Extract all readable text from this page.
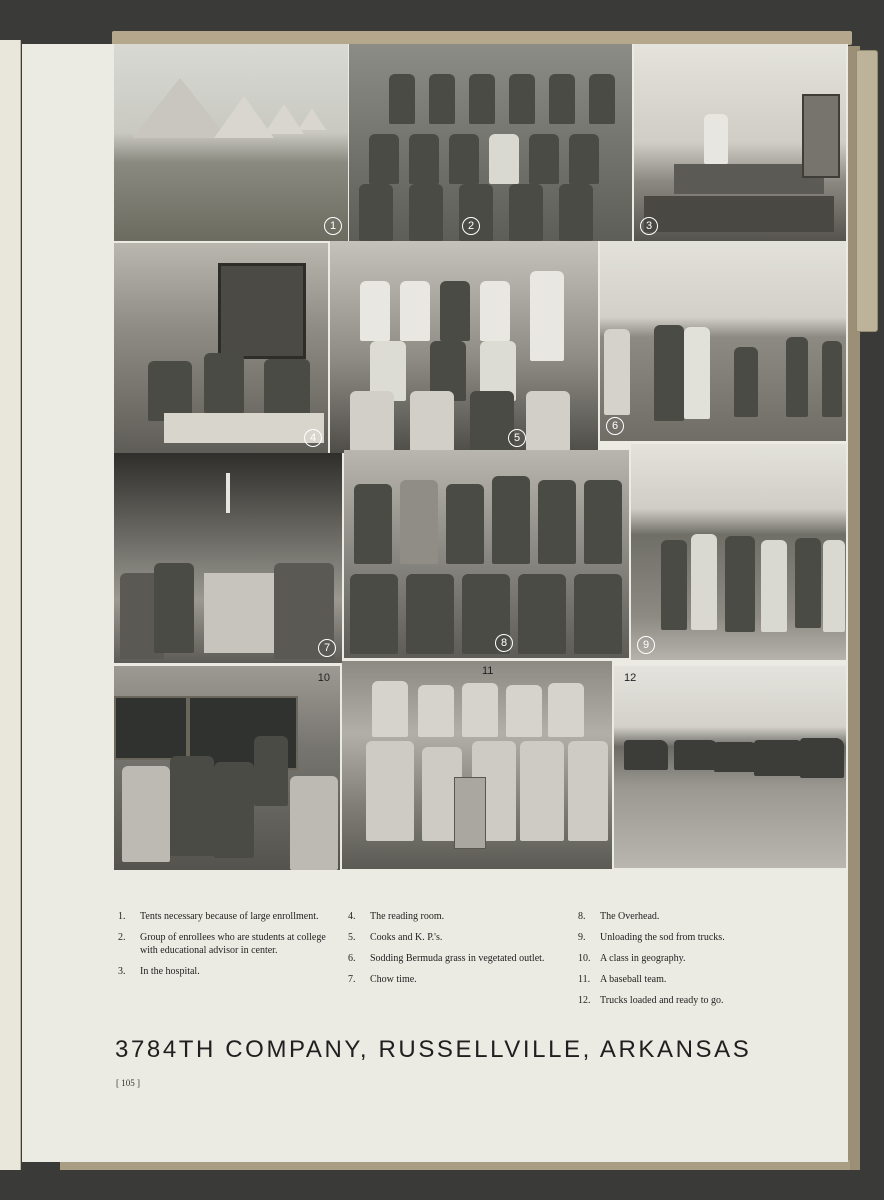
1	2	3
4	5
6
7	8	9
10
11
12
1. Tents necessary because of large enrollment.
2. Group of enrollees who are students at college with educational advisor in center.
3. In the hospital.
4. The reading room.
5. Cooks and K. P.'s.
6. Sodding Bermuda grass in vegetated outlet.
7. Chow time.
8. The Overhead.
9. Unloading the sod from trucks.
10. A class in geography.
11. A baseball team.
12. Trucks loaded and ready to go.
3784TH COMPANY, RUSSELLVILLE, ARKANSAS
[ 105 ]
